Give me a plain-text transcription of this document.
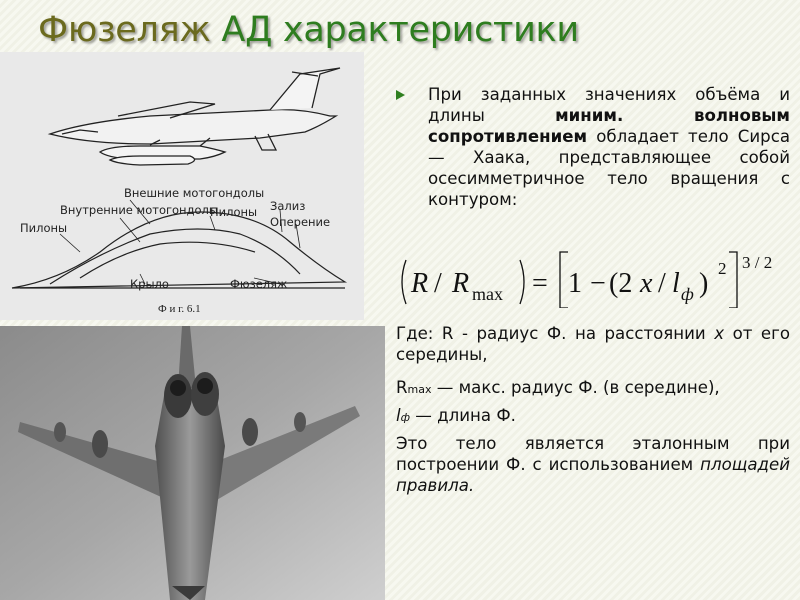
Фюзеляж АД характеристики
Внешние мотогондолы
Внутренние мотогондолы
Пилоны
Пилоны Зализ
Оперение
Крыло	Фюзеляж
Ф и г. 6.1
При заданных значениях объёма и длины	миним. волновым сопротивлением обладает тело Сирса — Хаака, представляющее собой осесимметричное тело вращения с контуром:
R / R max = 1 − (2 x / l ф ) 2 3 / 2
Где: R - радиус Ф. на расстоянии x от его середины,
Rmax — макс. радиус Ф. (в середине),
lф — длина Ф.
Это тело является эталонным при построении Ф. с использованием площадей правила.
